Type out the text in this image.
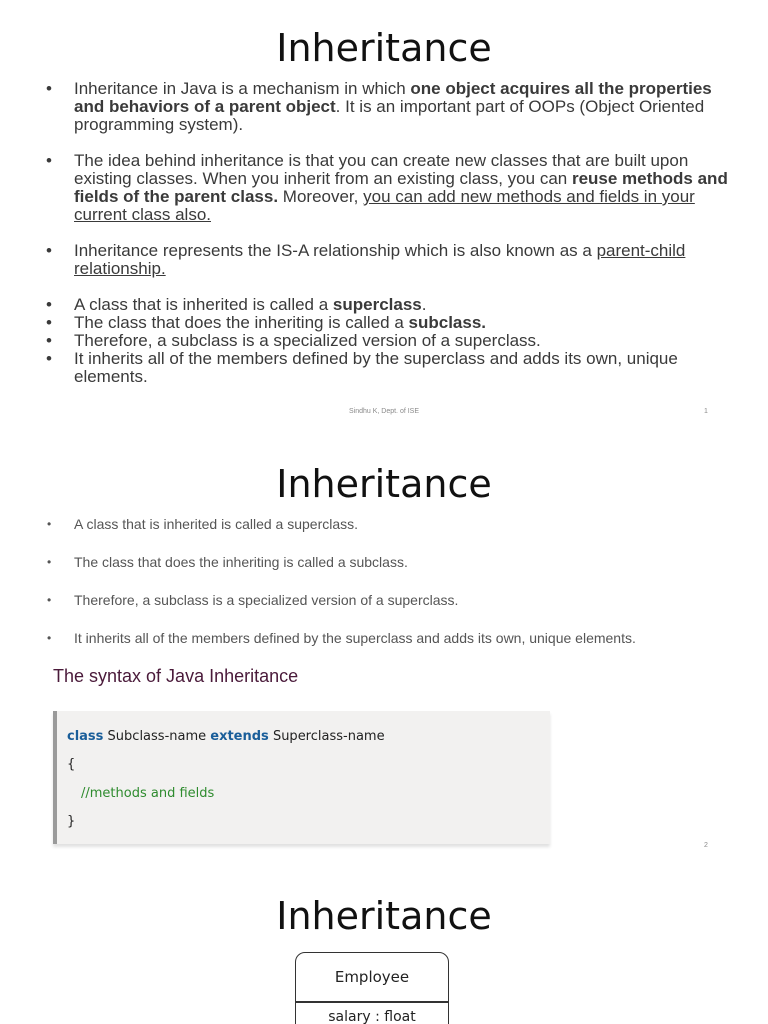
Inheritance
• Inheritance in Java is a mechanism in which one object acquires all the properties and behaviors of a parent object. It is an important part of OOPs (Object Oriented programming system).
• The idea behind inheritance is that you can create new classes that are built upon existing classes. When you inherit from an existing class, you can reuse methods and fields of the parent class. Moreover, you can add new methods and fields in your current class also.
• Inheritance represents the IS-A relationship which is also known as a parent-child relationship.
• A class that is inherited is called a superclass.
• The class that does the inheriting is called a subclass.
• Therefore, a subclass is a specialized version of a superclass.
• It inherits all of the members defined by the superclass and adds its own, unique elements.
Sindhu K, Dept. of ISE	1
Inheritance
• A class that is inherited is called a superclass.
• The class that does the inheriting is called a subclass.
• Therefore, a subclass is a specialized version of a superclass.
• It inherits all of the members defined by the superclass and adds its own, unique elements.
The syntax of Java Inheritance
class Subclass-name extends Superclass-name
{
//methods and fields
}
2
Inheritance
Employee
salary : float
